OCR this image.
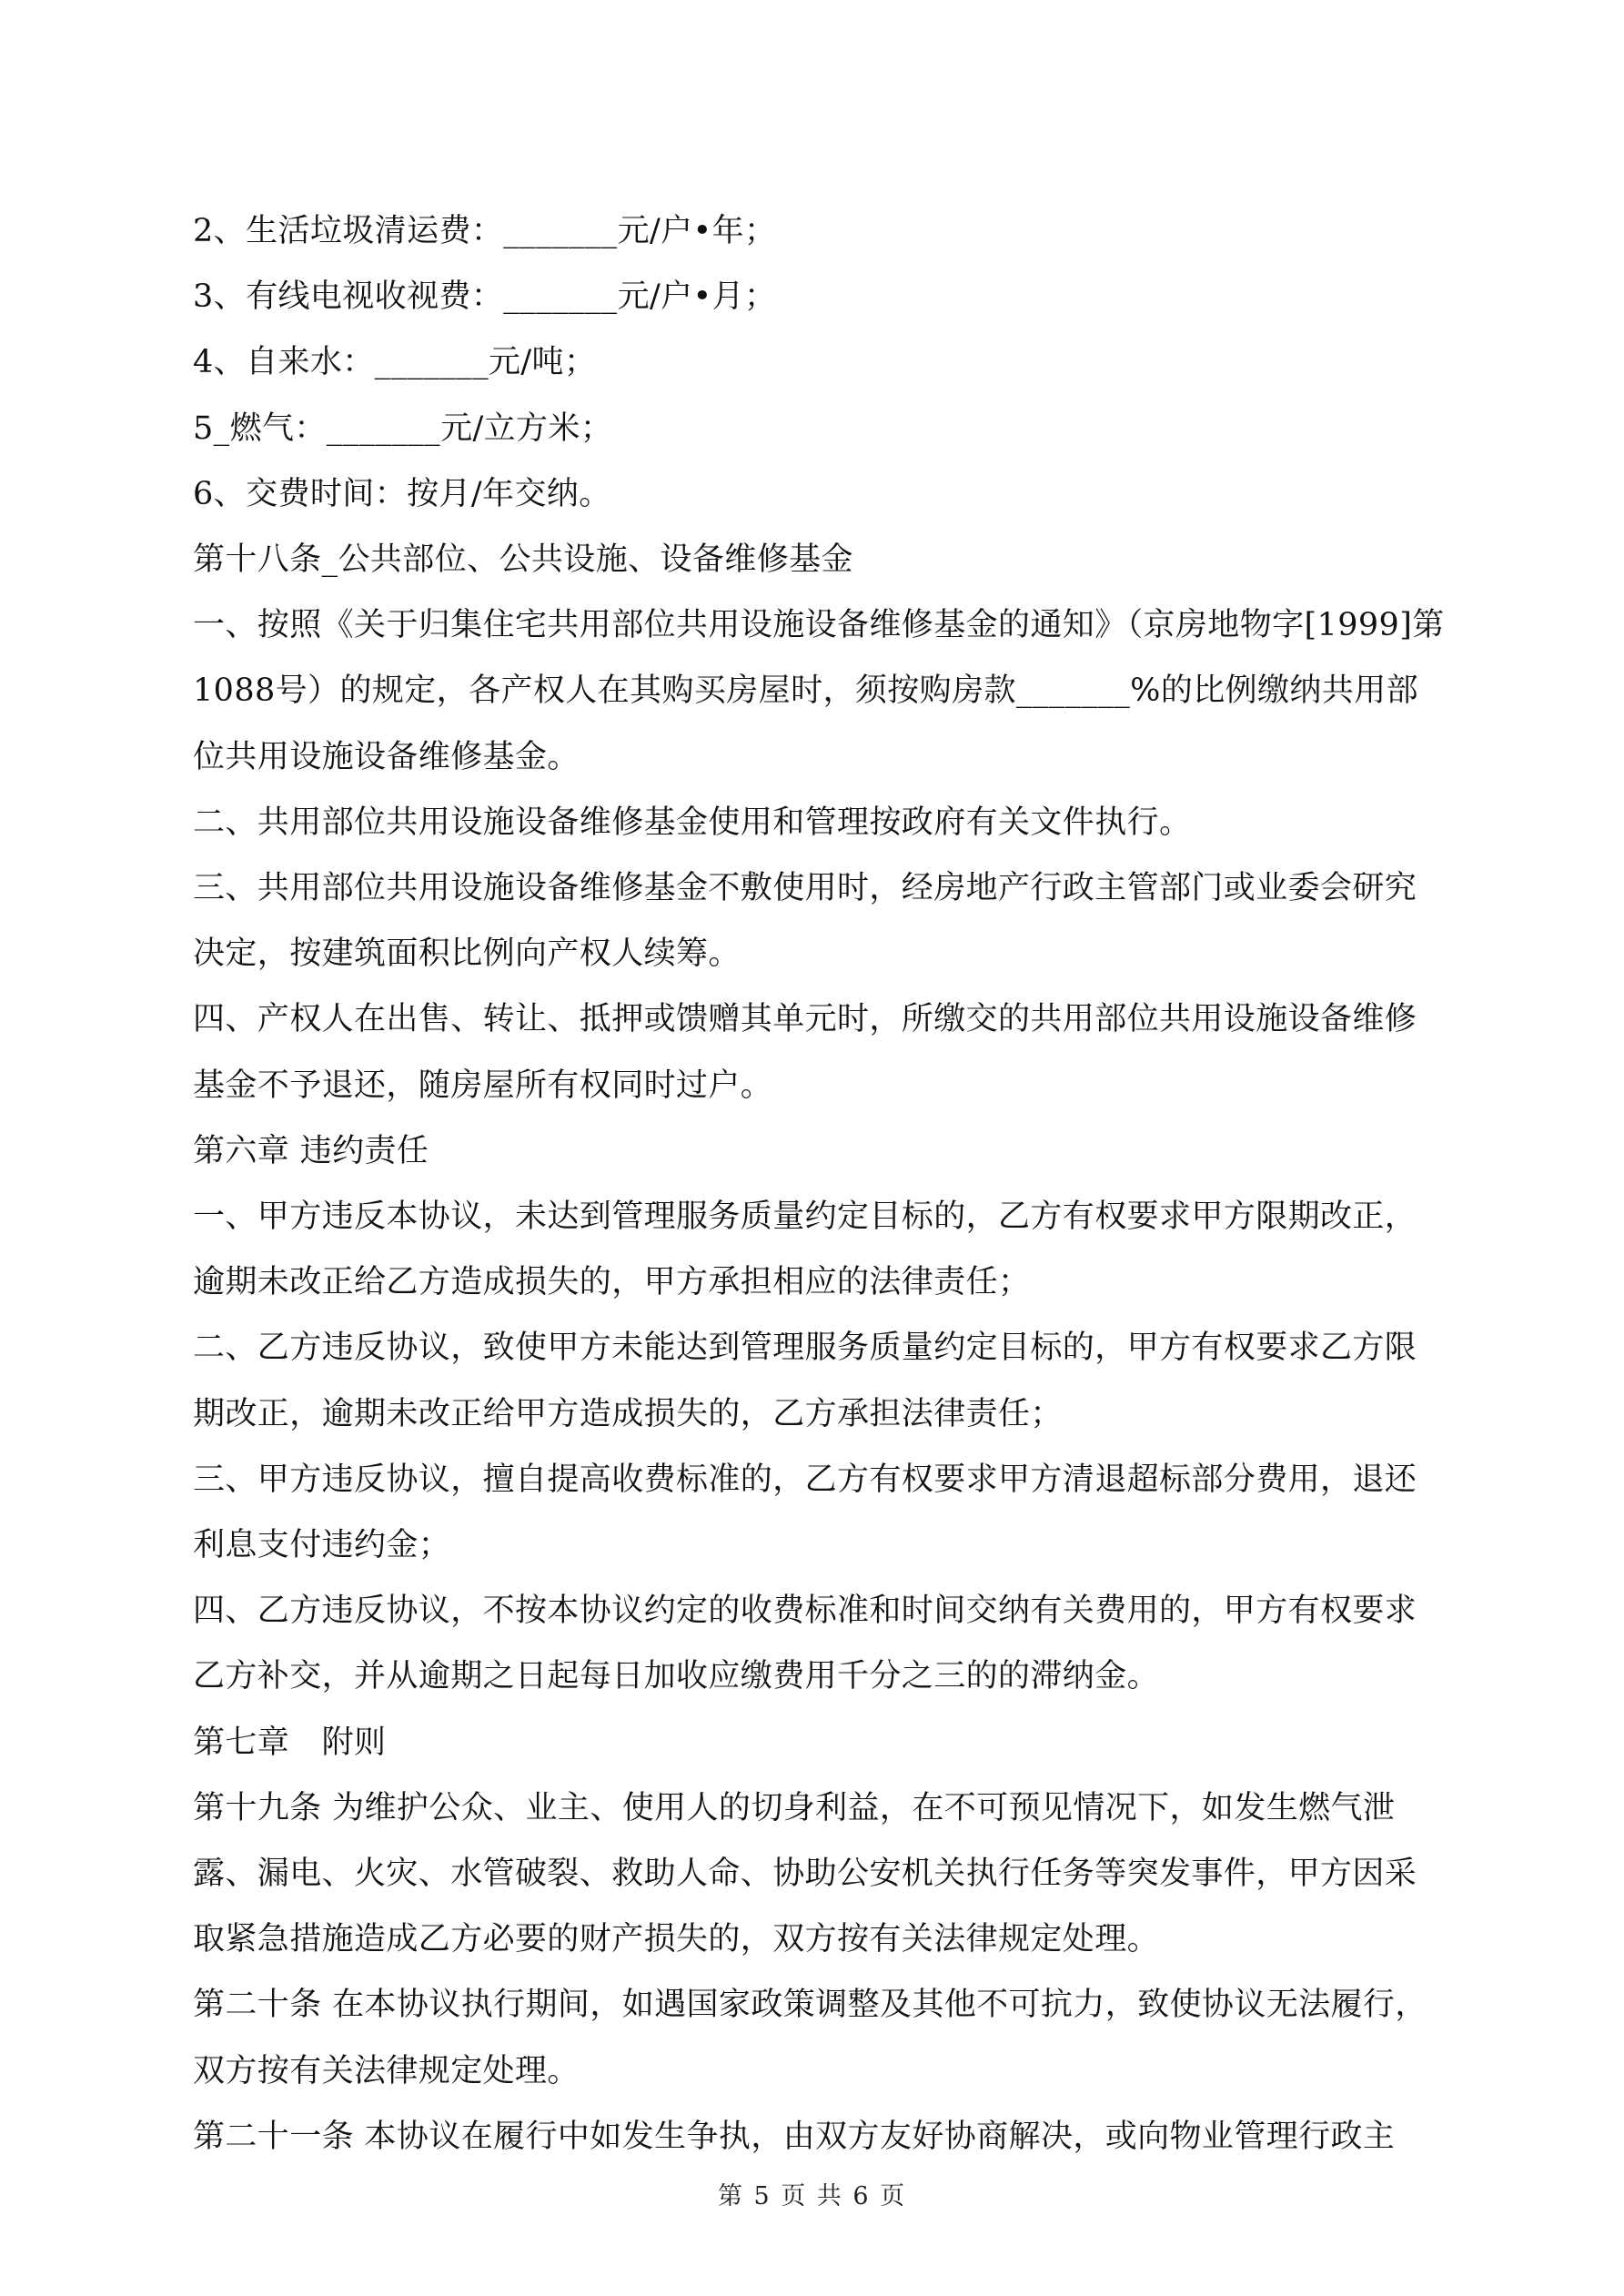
2、生活垃圾清运费：_______元/户•年；

3、有线电视收视费：_______元/户•月；

4、自来水：_______元/吨；

5_燃气：_______元/立方米；

6、交费时间：按月/年交纳。

第十八条_公共部位、公共设施、设备维修基金

一、按照《关于归集住宅共用部位共用设施设备维修基金的通知》（京房地物字[1999]第1088号）的规定，各产权人在其购买房屋时，须按购房款_______%的比例缴纳共用部位共用设施设备维修基金。

二、共用部位共用设施设备维修基金使用和管理按政府有关文件执行。

三、共用部位共用设施设备维修基金不敷使用时，经房地产行政主管部门或业委会研究决定，按建筑面积比例向产权人续筹。

四、产权人在出售、转让、抵押或馈赠其单元时，所缴交的共用部位共用设施设备维修基金不予退还，随房屋所有权同时过户。

第六章 违约责任

一、甲方违反本协议，未达到管理服务质量约定目标的，乙方有权要求甲方限期改正，逾期未改正给乙方造成损失的，甲方承担相应的法律责任；

二、乙方违反协议，致使甲方未能达到管理服务质量约定目标的，甲方有权要求乙方限期改正，逾期未改正给甲方造成损失的，乙方承担法律责任；

三、甲方违反协议，擅自提高收费标准的，乙方有权要求甲方清退超标部分费用，退还利息支付违约金；

四、乙方违反协议，不按本协议约定的收费标准和时间交纳有关费用的，甲方有权要求乙方补交，并从逾期之日起每日加收应缴费用千分之三的的滞纳金。

第七章　附则

第十九条 为维护公众、业主、使用人的切身利益，在不可预见情况下，如发生燃气泄露、漏电、火灾、水管破裂、救助人命、协助公安机关执行任务等突发事件，甲方因采取紧急措施造成乙方必要的财产损失的，双方按有关法律规定处理。

第二十条 在本协议执行期间，如遇国家政策调整及其他不可抗力，致使协议无法履行，双方按有关法律规定处理。

第二十一条 本协议在履行中如发生争执，由双方友好协商解决，或向物业管理行政主

第 5 页 共 6 页
